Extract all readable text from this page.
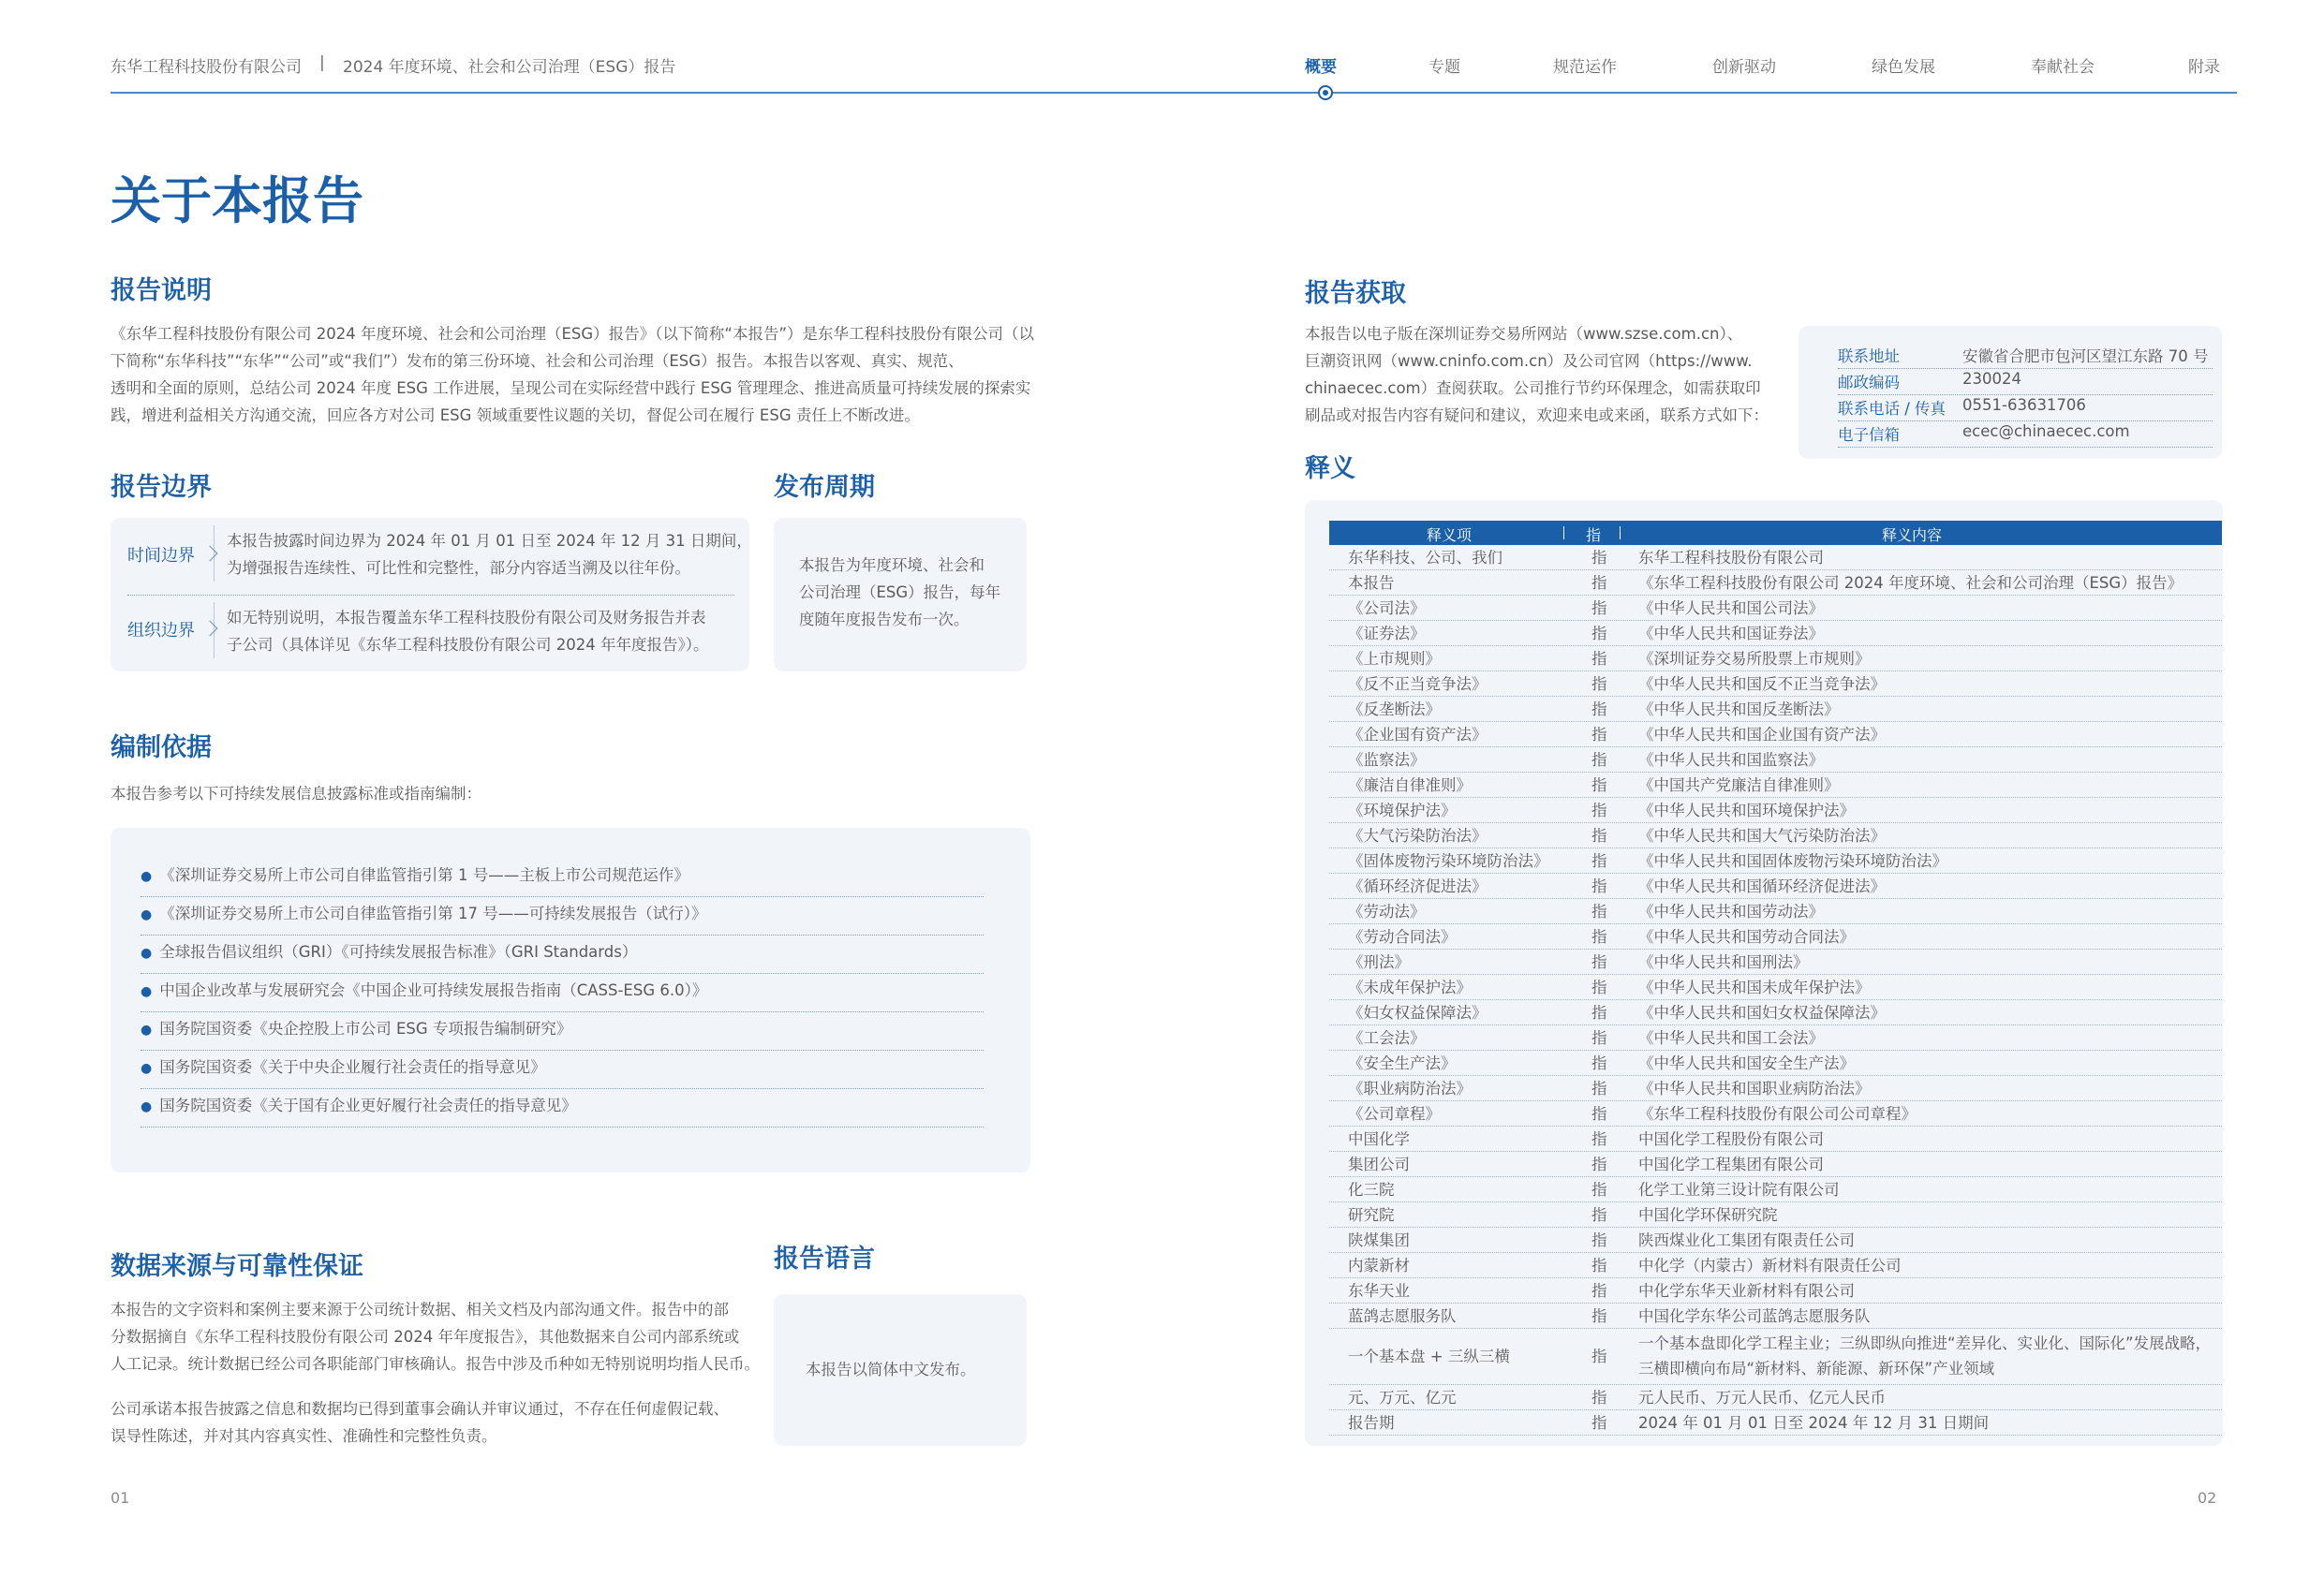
东华工程科技股份有限公司 | 2024 年度环境、社会和公司治理（ESG）报告	概要	专题	规范运作	创新驱动	绿色发展	奉献社会	附录
关于本报告
报告说明
《东华工程科技股份有限公司 2024 年度环境、社会和公司治理（ESG）报告》（以下简称“本报告”）是东华工程科技股份有限公司（以
下简称“东华科技”“东华”“公司”或“我们”）发布的第三份环境、社会和公司治理（ESG）报告。本报告以客观、真实、规范、
透明和全面的原则，总结公司 2024 年度 ESG 工作进展，呈现公司在实际经营中践行 ESG 管理理念、推进高质量可持续发展的探索实
践，增进利益相关方沟通交流，回应各方对公司 ESG 领域重要性议题的关切，督促公司在履行 ESG 责任上不断改进。
报告边界
时间边界
本报告披露时间边界为 2024 年 01 月 01 日至 2024 年 12 月 31 日期间，
为增强报告连续性、可比性和完整性，部分内容适当溯及以往年份。
组织边界
如无特别说明，本报告覆盖东华工程科技股份有限公司及财务报告并表
子公司（具体详见《东华工程科技股份有限公司 2024 年年度报告》）。
发布周期
本报告为年度环境、社会和
公司治理（ESG）报告，每年
度随年度报告发布一次。
编制依据
本报告参考以下可持续发展信息披露标准或指南编制：
● 《深圳证券交易所上市公司自律监管指引第 1 号——主板上市公司规范运作》
● 《深圳证券交易所上市公司自律监管指引第 17 号——可持续发展报告（试行）》
● 全球报告倡议组织（GRI）《可持续发展报告标准》（GRI Standards）
● 中国企业改革与发展研究会《中国企业可持续发展报告指南（CASS-ESG 6.0）》
● 国务院国资委《央企控股上市公司 ESG 专项报告编制研究》
● 国务院国资委《关于中央企业履行社会责任的指导意见》
● 国务院国资委《关于国有企业更好履行社会责任的指导意见》
数据来源与可靠性保证
本报告的文字资料和案例主要来源于公司统计数据、相关文档及内部沟通文件。报告中的部
分数据摘自《东华工程科技股份有限公司 2024 年年度报告》，其他数据来自公司内部系统或
人工记录。统计数据已经公司各职能部门审核确认。报告中涉及币种如无特别说明均指人民币。
公司承诺本报告披露之信息和数据均已得到董事会确认并审议通过，不存在任何虚假记载、
误导性陈述，并对其内容真实性、准确性和完整性负责。
报告语言
本报告以简体中文发布。
报告获取
本报告以电子版在深圳证券交易所网站（www.szse.com.cn）、
巨潮资讯网（www.cninfo.com.cn）及公司官网（https://www.
chinaecec.com）查阅获取。公司推行节约环保理念，如需获取印
刷品或对报告内容有疑问和建议，欢迎来电或来函，联系方式如下：
联系地址	安徽省合肥市包河区望江东路 70 号
邮政编码	230024
联系电话 / 传真 0551-63631706
电子信箱	ecec@chinaecec.com
释义
释义项	指	释义内容
东华科技、公司、我们	指 东华工程科技股份有限公司
本报告	指 《东华工程科技股份有限公司 2024 年度环境、社会和公司治理（ESG）报告》
《公司法》	指 《中华人民共和国公司法》
《证券法》	指 《中华人民共和国证券法》
《上市规则》	指 《深圳证券交易所股票上市规则》
《反不正当竞争法》	指 《中华人民共和国反不正当竞争法》
《反垄断法》	指 《中华人民共和国反垄断法》
《企业国有资产法》	指 《中华人民共和国企业国有资产法》
《监察法》	指 《中华人民共和国监察法》
《廉洁自律准则》	指 《中国共产党廉洁自律准则》
《环境保护法》	指 《中华人民共和国环境保护法》
《大气污染防治法》	指 《中华人民共和国大气污染防治法》
《固体废物污染环境防治法》	指 《中华人民共和国固体废物污染环境防治法》
《循环经济促进法》	指 《中华人民共和国循环经济促进法》
《劳动法》	指 《中华人民共和国劳动法》
《劳动合同法》	指 《中华人民共和国劳动合同法》
《刑法》	指 《中华人民共和国刑法》
《未成年保护法》	指 《中华人民共和国未成年保护法》
《妇女权益保障法》	指 《中华人民共和国妇女权益保障法》
《工会法》	指 《中华人民共和国工会法》
《安全生产法》	指 《中华人民共和国安全生产法》
《职业病防治法》	指 《中华人民共和国职业病防治法》
《公司章程》	指 《东华工程科技股份有限公司公司章程》
中国化学	指 中国化学工程股份有限公司
集团公司	指 中国化学工程集团有限公司
化三院	指 化学工业第三设计院有限公司
研究院	指 中国化学环保研究院
陕煤集团	指 陕西煤业化工集团有限责任公司
内蒙新材	指 中化学（内蒙古）新材料有限责任公司
东华天业	指 中化学东华天业新材料有限公司
蓝鸽志愿服务队	指 中国化学东华公司蓝鸽志愿服务队
一个基本盘 + 三纵三横	指
一个基本盘即化学工程主业；三纵即纵向推进“差异化、实业化、国际化”发展战略，
三横即横向布局“新材料、新能源、新环保”产业领域
元、万元、亿元	指 元人民币、万元人民币、亿元人民币
报告期	指 2024 年 01 月 01 日至 2024 年 12 月 31 日期间
01	02
